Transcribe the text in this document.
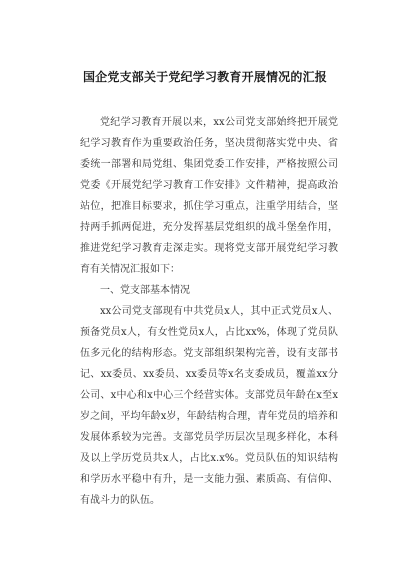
国企党支部关于党纪学习教育开展情况的汇报

党纪学习教育开展以来，xx公司党支部始终把开展党纪学习教育作为重要政治任务，坚决贯彻落实党中央、省委统一部署和局党组、集团党委工作安排，严格按照公司党委《开展党纪学习教育工作安排》文件精神，提高政治站位，把准目标要求，抓住学习重点，注重学用结合，坚持两手抓两促进，充分发挥基层党组织的战斗堡垒作用，推进党纪学习教育走深走实。现将党支部开展党纪学习教育有关情况汇报如下：

一、党支部基本情况

xx公司党支部现有中共党员x人，其中正式党员x人、预备党员x人，有女性党员x人，占比xx%，体现了党员队伍多元化的结构形态。党支部组织架构完善，设有支部书记、xx委员、xx委员、xx委员等x名支委成员，覆盖xx分公司、x中心和x中心三个经营实体。支部党员年龄在x至x岁之间，平均年龄x岁，年龄结构合理，青年党员的培养和发展体系较为完善。支部党员学历层次呈现多样化，本科及以上学历党员共x人，占比x.x%。党员队伍的知识结构和学历水平稳中有升，是一支能力强、素质高、有信仰、有战斗力的队伍。
